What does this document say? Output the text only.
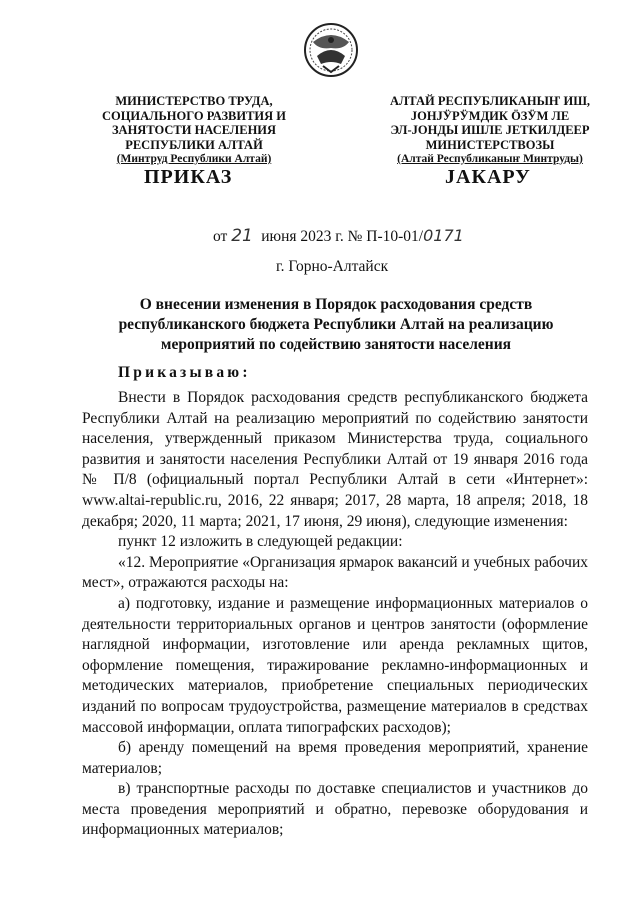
МИНИСТЕРСТВО ТРУДА,
СОЦИАЛЬНОГО РАЗВИТИЯ И
ЗАНЯТОСТИ НАСЕЛЕНИЯ
РЕСПУБЛИКИ АЛТАЙ
(Минтруд Республики Алтай)
АЛТАЙ РЕСПУБЛИКАНЫҤ ИШ,
ЈОНЈӰРӰМДИК ÖЗӰМ ЛЕ
ЭЛ-ЈОНДЫ ИШЛЕ ЈЕТКИЛДЕЕР
МИНИСТЕРСТВОЗЫ
(Алтай Республиканыҥ Минтруды)
ПРИКАЗ	ЈАКАРУ
от 21 июня 2023 г. № П-10-01/0171
г. Горно-Алтайск
О внесении изменения в Порядок расходования средств республиканского бюджета Республики Алтай на реализацию мероприятий по содействию занятости населения
Приказываю:

Внести в Порядок расходования средств республиканского бюджета Республики Алтай на реализацию мероприятий по содействию занятости населения, утвержденный приказом Министерства труда, социального развития и занятости населения Республики Алтай от 19 января 2016 года № П/8 (официальный портал Республики Алтай в сети «Интернет»: www.altai-republic.ru, 2016, 22 января; 2017, 28 марта, 18 апреля; 2018, 18 декабря; 2020, 11 марта; 2021, 17 июня, 29 июня), следующие изменения:

пункт 12 изложить в следующей редакции:

«12. Мероприятие «Организация ярмарок вакансий и учебных рабочих мест», отражаются расходы на:

а) подготовку, издание и размещение информационных материалов о деятельности территориальных органов и центров занятости (оформление наглядной информации, изготовление или аренда рекламных щитов, оформление помещения, тиражирование рекламно-информационных и методических материалов, приобретение специальных периодических изданий по вопросам трудоустройства, размещение материалов в средствах массовой информации, оплата типографских расходов);

б) аренду помещений на время проведения мероприятий, хранение материалов;

в) транспортные расходы по доставке специалистов и участников до места проведения мероприятий и обратно, перевозке оборудования и информационных материалов;
